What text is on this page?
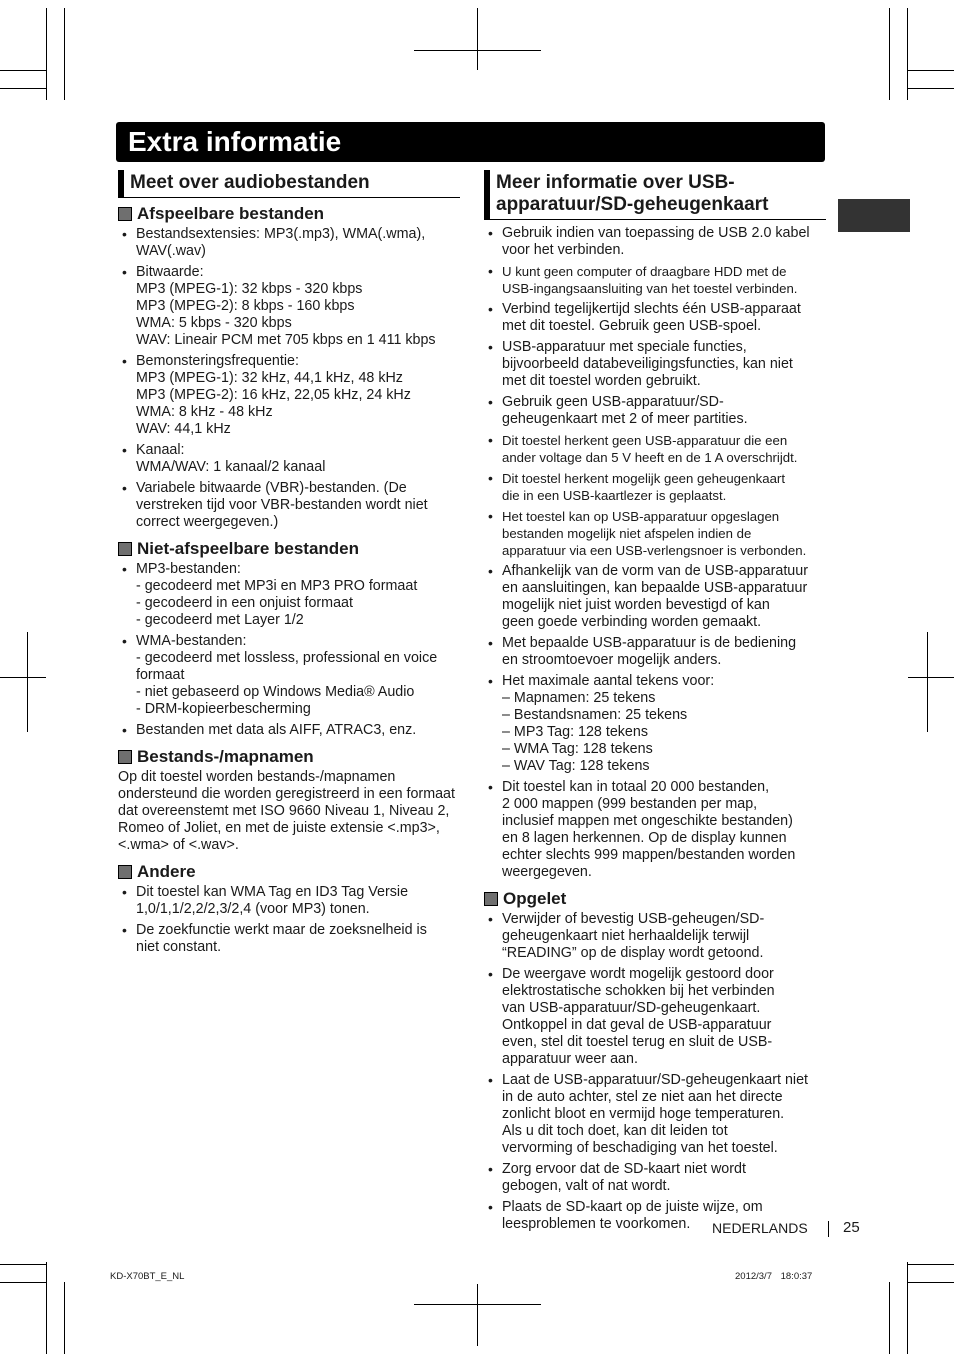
Extra informatie
Meet over audiobestanden
Afspeelbare bestanden
• Bestandsextensies: MP3(.mp3), WMA(.wma),
WAV(.wav)
• Bitwaarde:
MP3 (MPEG-1): 32 kbps - 320 kbps
MP3 (MPEG-2): 8 kbps - 160 kbps
WMA: 5 kbps - 320 kbps
WAV: Lineair PCM met 705 kbps en 1 411 kbps
• Bemonsteringsfrequentie:
MP3 (MPEG-1): 32 kHz, 44,1 kHz, 48 kHz
MP3 (MPEG-2): 16 kHz, 22,05 kHz, 24 kHz
WMA: 8 kHz - 48 kHz
WAV: 44,1 kHz
• Kanaal:
WMA/WAV: 1 kanaal/2 kanaal
• Variabele bitwaarde (VBR)-bestanden. (De
verstreken tijd voor VBR-bestanden wordt niet
correct weergegeven.)
Niet-afspeelbare bestanden
• MP3-bestanden:
- gecodeerd met MP3i en MP3 PRO formaat
- gecodeerd in een onjuist formaat
- gecodeerd met Layer 1/2
• WMA-bestanden:
- gecodeerd met lossless, professional en voice
formaat
- niet gebaseerd op Windows Media® Audio
- DRM-kopieerbescherming
• Bestanden met data als AIFF, ATRAC3, enz.
Bestands-/mapnamen

Op dit toestel worden bestands-/mapnamen ondersteund die worden geregistreerd in een formaat dat overeenstemt met ISO 9660 Niveau 1, Niveau 2, Romeo of Joliet, en met de juiste extensie <.mp3>, <.wma> of <.wav>.

Andere
• Dit toestel kan WMA Tag en ID3 Tag Versie
1,0/1,1/2,2/2,3/2,4 (voor MP3) tonen.
• De zoekfunctie werkt maar de zoeksnelheid is
niet constant.
Meer informatie over USB-
apparatuur/SD-geheugenkaart
• Gebruik indien van toepassing de USB 2.0 kabel
voor het verbinden.
• U kunt geen computer of draagbare HDD met de
USB-ingangsaansluiting van het toestel verbinden.
• Verbind tegelijkertijd slechts één USB-apparaat
met dit toestel. Gebruik geen USB-spoel.
• USB-apparatuur met speciale functies,
bijvoorbeeld databeveiligingsfuncties, kan niet
met dit toestel worden gebruikt.
• Gebruik geen USB-apparatuur/SD-
geheugenkaart met 2 of meer partities.
• Dit toestel herkent geen USB-apparatuur die een
ander voltage dan 5 V heeft en de 1 A overschrijdt.
• Dit toestel herkent mogelijk geen geheugenkaart
die in een USB-kaartlezer is geplaatst.
• Het toestel kan op USB-apparatuur opgeslagen
bestanden mogelijk niet afspelen indien de
apparatuur via een USB-verlengsnoer is verbonden.
• Afhankelijk van de vorm van de USB-apparatuur
en aansluitingen, kan bepaalde USB-apparatuur
mogelijk niet juist worden bevestigd of kan
geen goede verbinding worden gemaakt.
• Met bepaalde USB-apparatuur is de bediening
en stroomtoevoer mogelijk anders.
• Het maximale aantal tekens voor:
– Mapnamen: 25 tekens
– Bestandsnamen: 25 tekens
– MP3 Tag: 128 tekens
– WMA Tag: 128 tekens
– WAV Tag: 128 tekens
• Dit toestel kan in totaal 20 000 bestanden,
2 000 mappen (999 bestanden per map,
inclusief mappen met ongeschikte bestanden)
en 8 lagen herkennen. Op de display kunnen
echter slechts 999 mappen/bestanden worden
weergegeven.
Opgelet
• Verwijder of bevestig USB-geheugen/SD-
geheugenkaart niet herhaaldelijk terwijl
“READING” op de display wordt getoond.
• De weergave wordt mogelijk gestoord door
elektrostatische schokken bij het verbinden
van USB-apparatuur/SD-geheugenkaart.
Ontkoppel in dat geval de USB-apparatuur
even, stel dit toestel terug en sluit de USB-
apparatuur weer aan.
• Laat de USB-apparatuur/SD-geheugenkaart niet
in de auto achter, stel ze niet aan het directe
zonlicht bloot en vermijd hoge temperaturen.
Als u dit toch doet, kan dit leiden tot
vervorming of beschadiging van het toestel.
• Zorg ervoor dat de SD-kaart niet wordt
gebogen, valt of nat wordt.
• Plaats de SD-kaart op de juiste wijze, om
leesproblemen te voorkomen.	NEDERLANDS 25
KD-X70BT_E_NL	2012/3/7 18:0:37
